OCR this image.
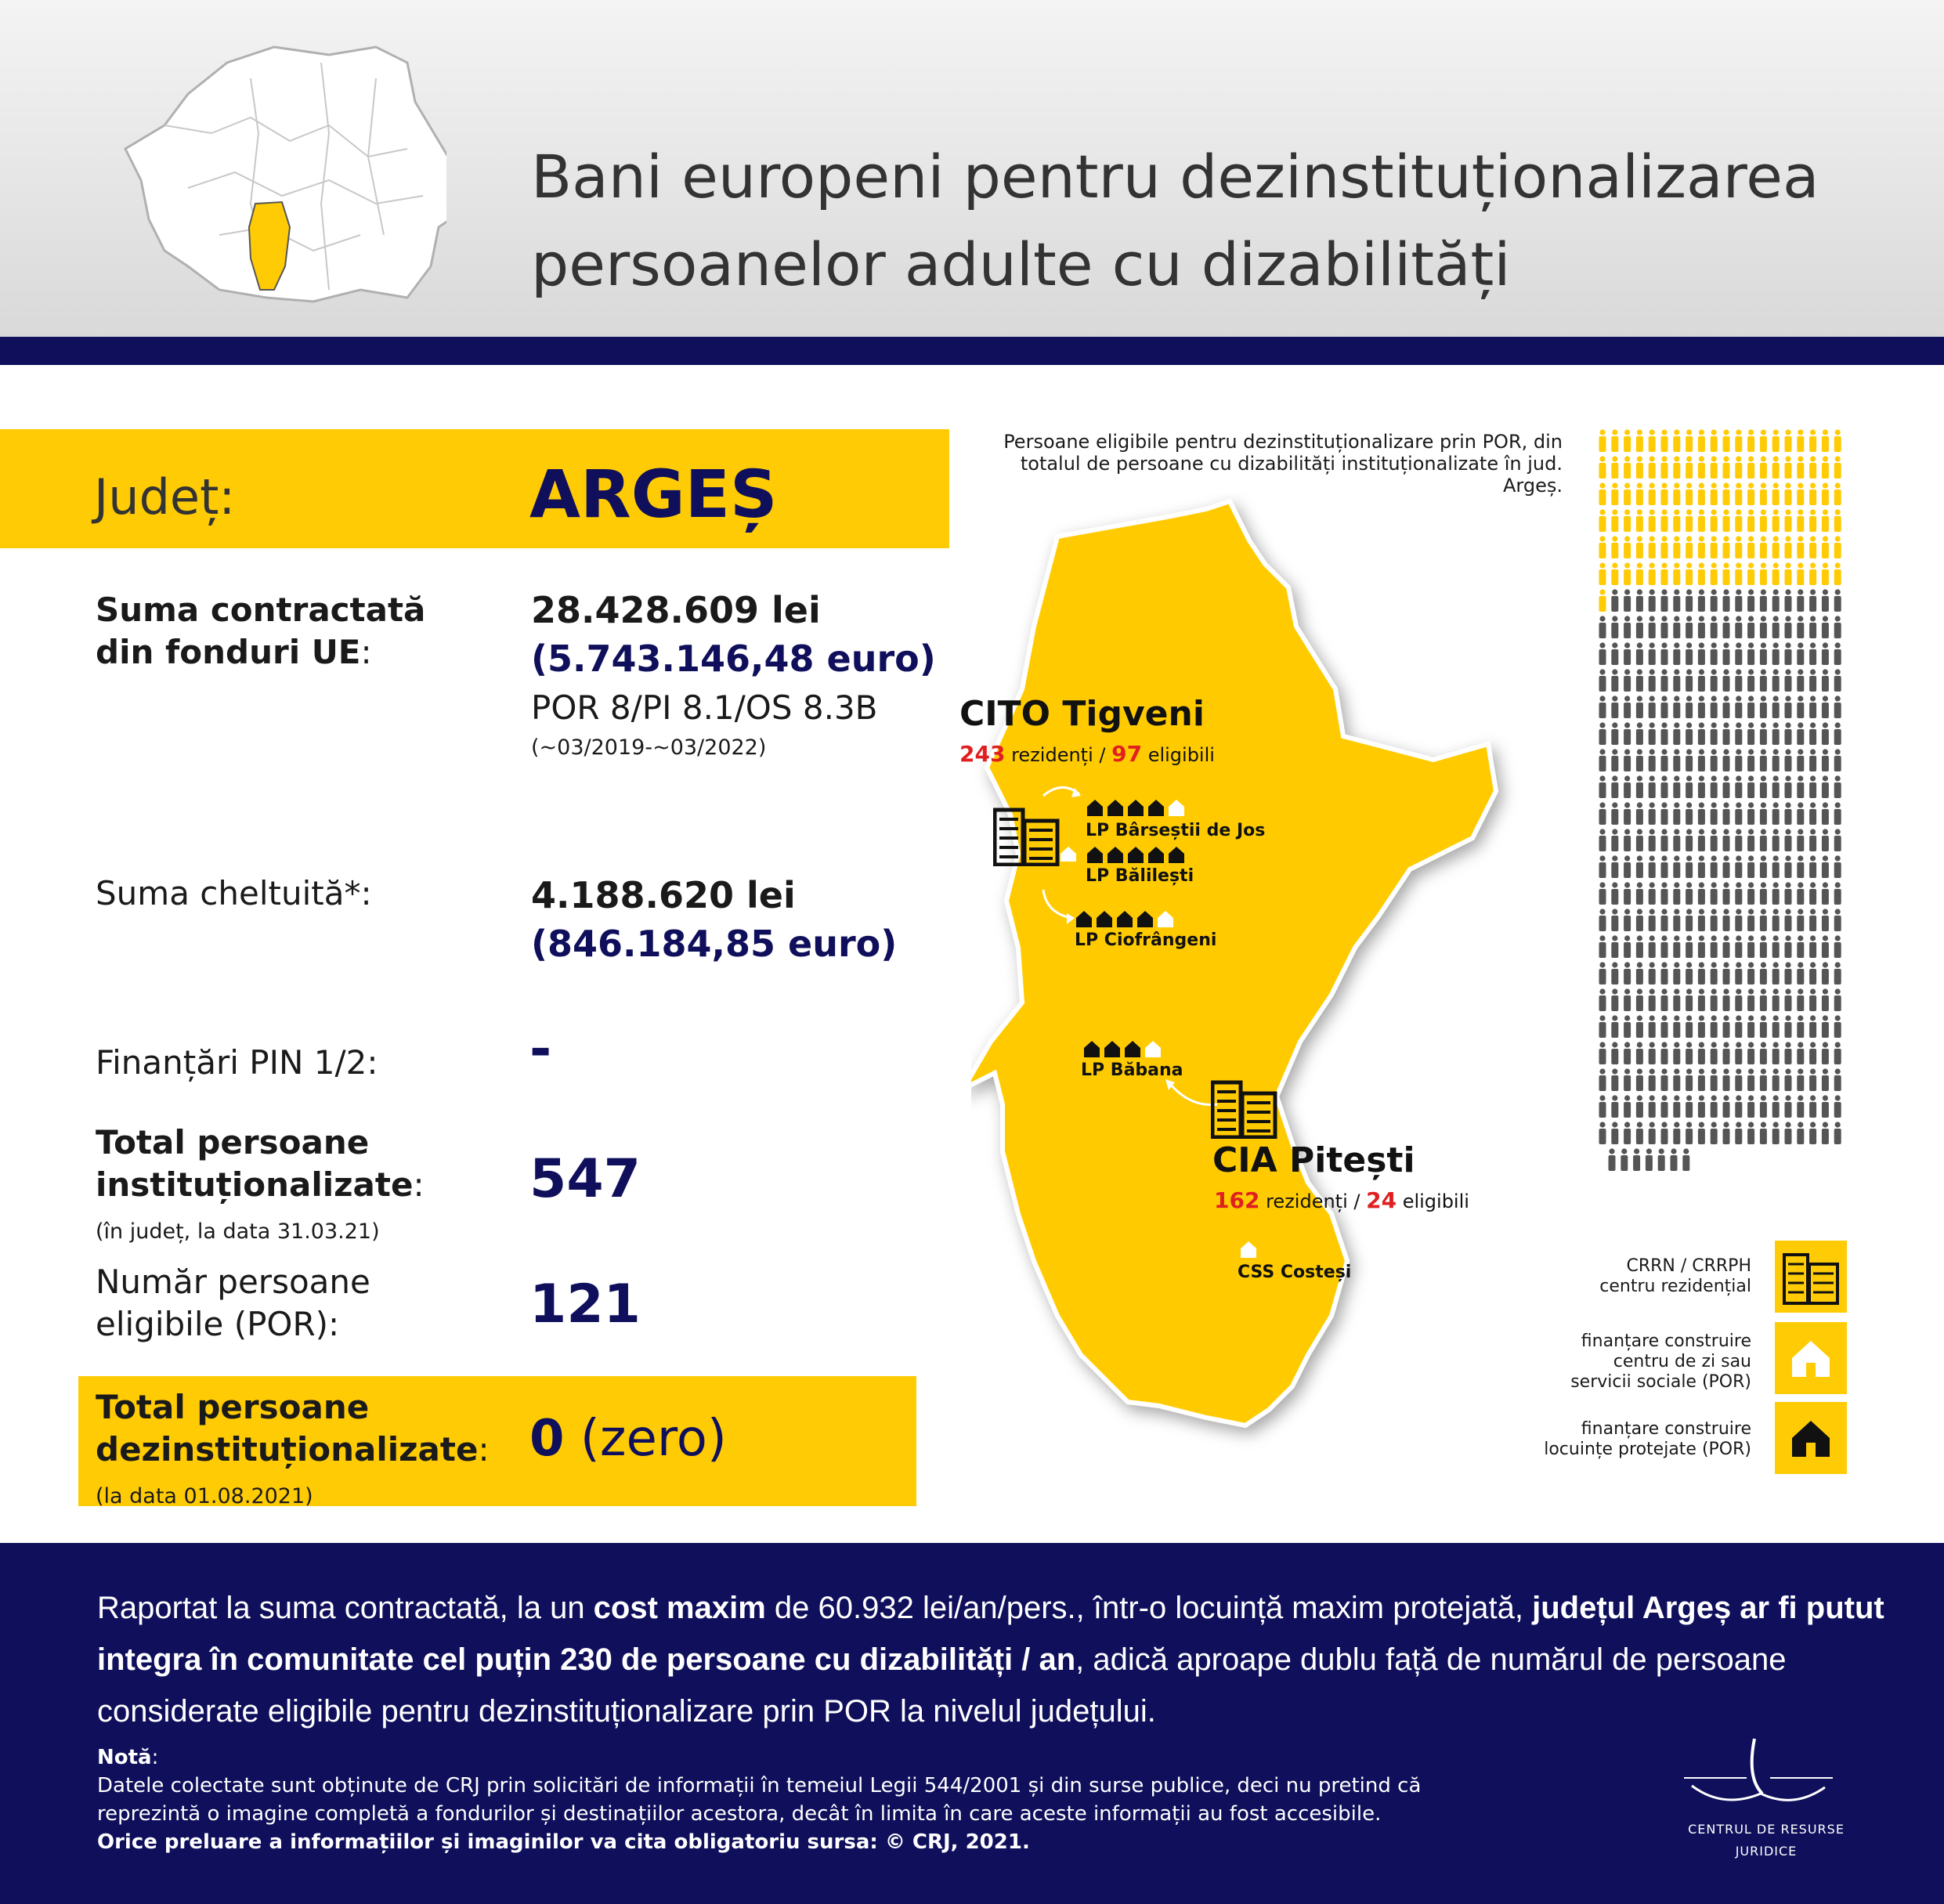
Bani europeni pentru dezinstituționalizarea
persoanelor adulte cu dizabilități
Județ:	ARGEȘ
Suma contractată
din fonduri UE:
28.428.609 lei
(5.743.146,48 euro)
POR 8/PI 8.1/OS 8.3B
(~03/2019-~03/2022)
Suma cheltuită*:	4.188.620 lei
(846.184,85 euro)
Finanțări PIN 1/2:	-
Total persoane
instituționalizate:
(în județ, la data 31.03.21)
547
Număr persoane
eligibile (POR):	121
Total persoane
dezinstituționalizate:
(la data 01.08.2021)
0 (zero)
Persoane eligibile pentru dezinstituționalizare prin POR, din
totalul de persoane cu dizabilități instituționalizate în jud. Argeș.
CITO Tigveni
243 rezidenți / 97 eligibili
LP Bârseștii de Jos
LP Bălilești
LP Ciofrângeni
LP Băbana
CIA Pitești
162 rezidenți / 24 eligibili
CSS Costeși	CRRN / CRRPH
centru rezidențial
finanțare construire
centru de zi sau
servicii sociale (POR)
finanțare construire
locuințe protejate (POR)
Raportat la suma contractată, la un cost maxim de 60.932 lei/an/pers., într-o locuință maxim protejată, județul Argeș ar fi putut integra în comunitate cel puțin 230 de persoane cu dizabilități / an, adică aproape dublu față de numărul de persoane considerate eligibile pentru dezinstituționalizare prin POR la nivelul județului.
Notă:
Datele colectate sunt obținute de CRJ prin solicitări de informații în temeiul Legii 544/2001 și din surse publice, deci nu pretind că
reprezintă o imagine completă a fondurilor și destinațiilor acestora, decât în limita în care aceste informații au fost accesibile.
Orice preluare a informațiilor și imaginilor va cita obligatoriu sursa: © CRJ, 2021.
CENTRUL DE RESURSE
JURIDICE
